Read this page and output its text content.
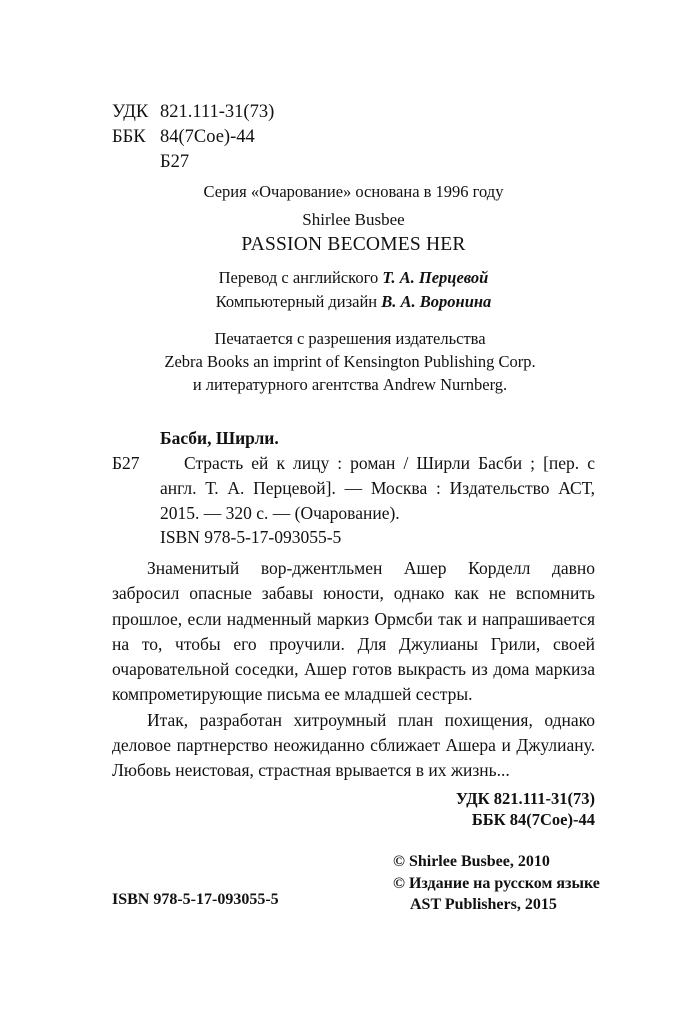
УДК 821.111-31(73)
ББК 84(7Сое)-44
Б27
Серия «Очарование» основана в 1996 году
Shirlee Busbee
PASSION BECOMES HER
Перевод с английского Т. А. Перцевой
Компьютерный дизайн В. А. Воронина
Печатается с разрешения издательства
Zebra Books an imprint of Kensington Publishing Corp.
и литературного агентства Andrew Nurnberg.
Басби, Ширли.
Б27	Страсть ей к лицу : роман / Ширли Басби ; [пер. с англ. Т. А. Перцевой]. — Москва : Издательство АСТ, 2015. — 320 с. — (Очарование).
ISBN 978-5-17-093055-5

Знаменитый вор-джентльмен Ашер Корделл давно забросил опасные забавы юности, однако как не вспомнить прошлое, если надменный маркиз Ормсби так и напрашивается на то, чтобы его проучили. Для Джулианы Грили, своей очаровательной соседки, Ашер готов выкрасть из дома маркиза компрометирующие письма ее младшей сестры.

Итак, разработан хитроумный план похищения, однако деловое партнерство неожиданно сближает Ашера и Джулиану. Любовь неистовая, страстная врывается в их жизнь...

УДК 821.111-31(73)
ББК 84(7Сое)-44
© Shirlee Busbee, 2010
© Издание на русском языке
AST Publishers, 2015
ISBN 978-5-17-093055-5
